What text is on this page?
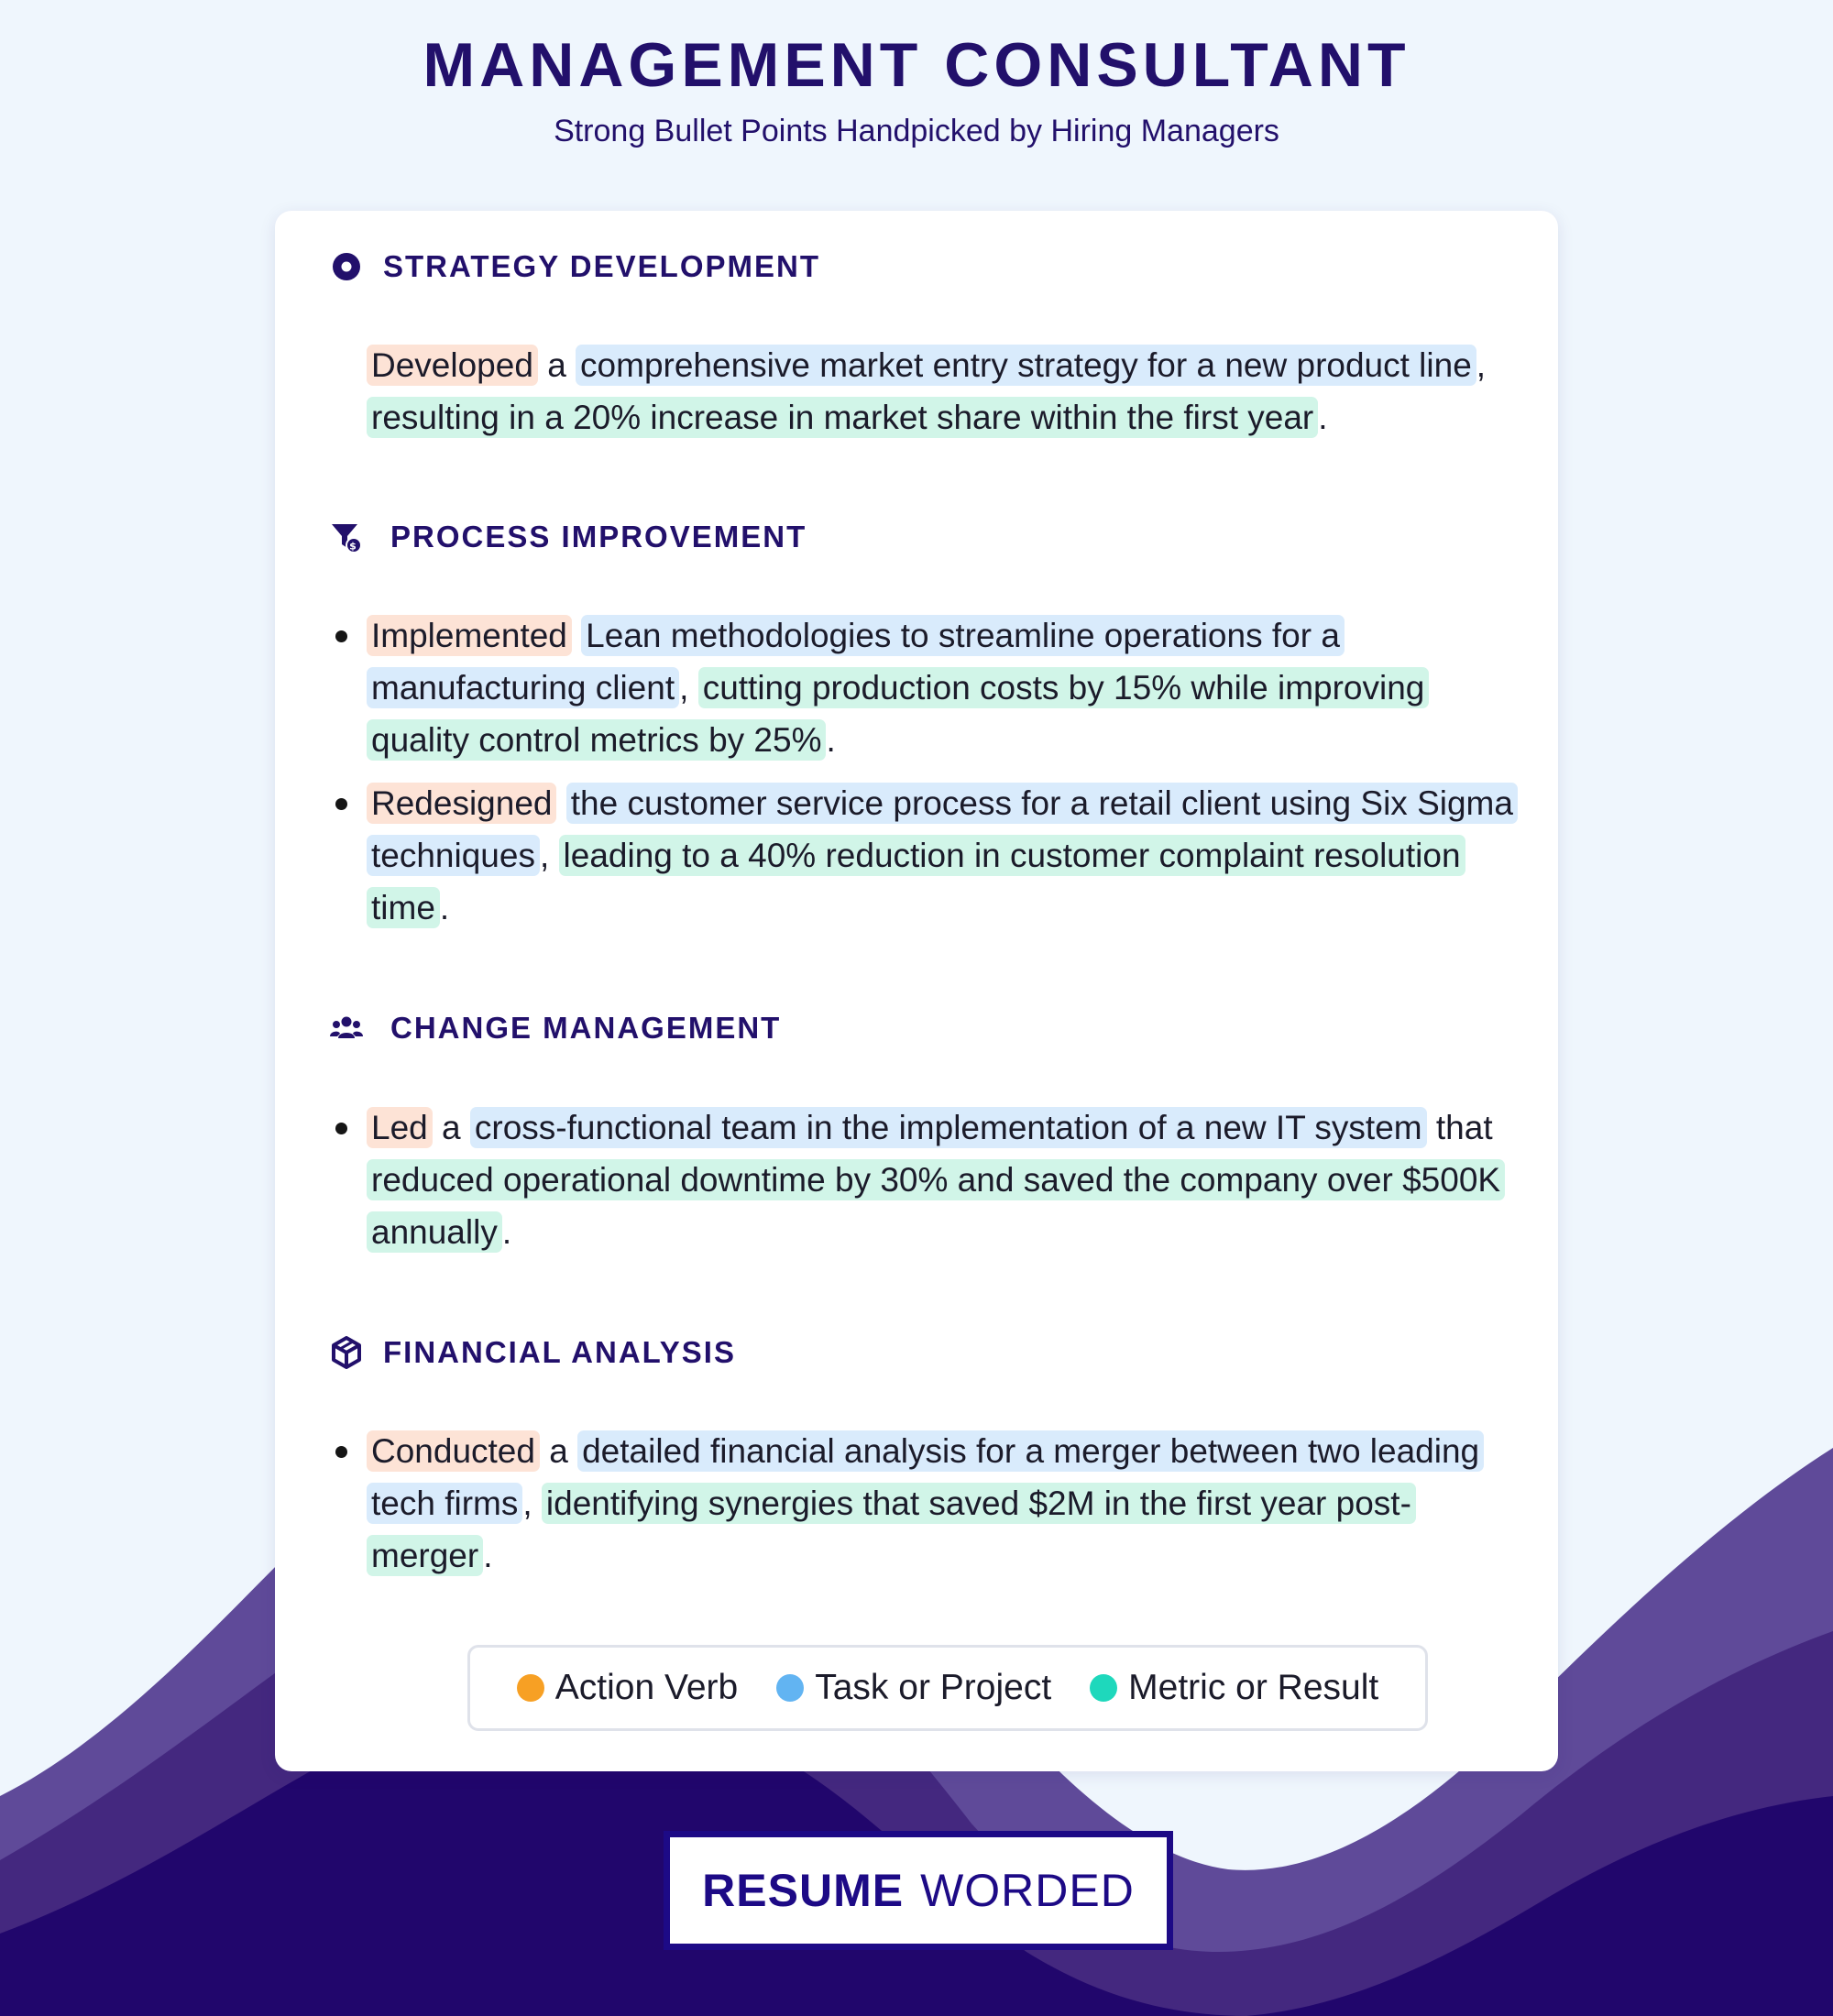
MANAGEMENT CONSULTANT
Strong Bullet Points Handpicked by Hiring Managers
STRATEGY DEVELOPMENT
Developed a comprehensive market entry strategy for a new product line , resulting in a 20% increase in market share within the first year .
$ PROCESS IMPROVEMENT
Implemented Lean methodologies to streamline operations for a manufacturing client , cutting production costs by 15% while improving quality control metrics by 25% .
Redesigned the customer service process for a retail client using Six Sigma techniques , leading to a 40% reduction in customer complaint resolution time .
CHANGE MANAGEMENT
Led a cross-functional team in the implementation of a new IT system that reduced operational downtime by 30% and saved the company over $500K annually .
FINANCIAL ANALYSIS
Conducted a detailed financial analysis for a merger between two leading tech firms , identifying synergies that saved $2M in the first year post-merger .
Action Verb Task or Project Metric or Result
RESUME WORDED
